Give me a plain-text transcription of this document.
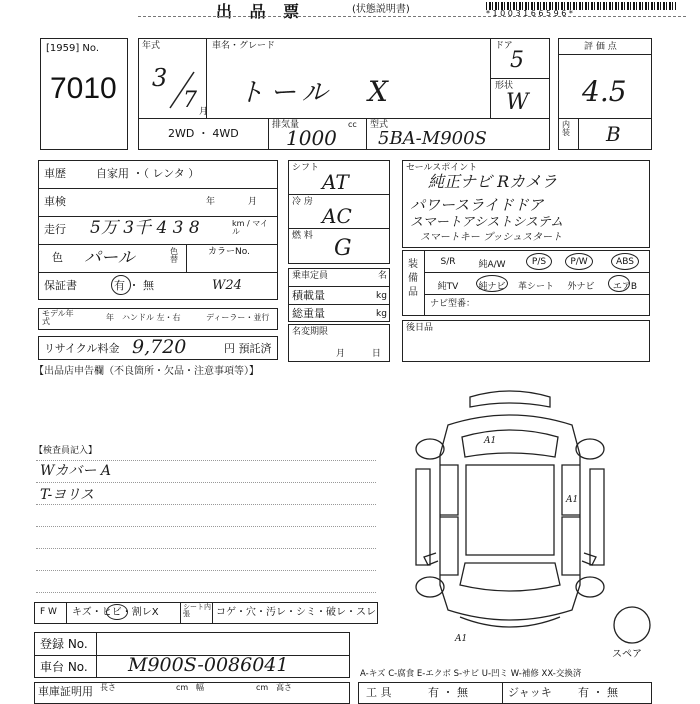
出 品 票	(状態説明書)	* 1 0 0 3 1 6 6 5 9 6 *
[1959] No.
7010
年式
3
7 月
車名・グレード
トール X
ドア
5
形状
W
2WD ・ 4WD
排気量
1000
cc 型式
5BA-M900S
評 価 点
4.5
内装 B
車歴	自家用 ・（ レンタ ）
車検	年	月
走行 5万 3千 4 3 8	km / マイル
色 パール	色替
カラーNo.
W24
保証書	有 ・ 無
モデル年式	年 ハンドル 左・右	ディーラー・並行
リサイクル料金 9,720	円 預託済
シフト
AT
冷 房
AC
燃 料 G
乗車定員	名
積載量	kg
総重量	kg
名変期限
月 日
セールスポイント
純正ナビ Rカメラ
パワースライドドア
スマートアシストシステム
スマートキー プッシュスタート
装備品
S/R	純A/W	P/S	P/W	ABS
純TV	純ナビ	革シート	外ナビ	エアB
ナビ型番：
後日品
【出品店申告欄（不良箇所・欠品・注意事項等）】
【検査員記入】
Wカバー A
T-ヨリス
F W キズ・ヒビ・割レX	シート内張	コゲ・穴・汚レ・シミ・破レ・スレ
登録 No.
車台 No. M900S-0086041
車庫証明用 長さ	cm 幅	cm 高さ
A1
A1
A1
スペア
A-キズ C-腐食 E-エクボ S-サビ U-凹ミ W-補修 XX-交換済
工 具	有 ・ 無	ジャッキ 有 ・ 無
